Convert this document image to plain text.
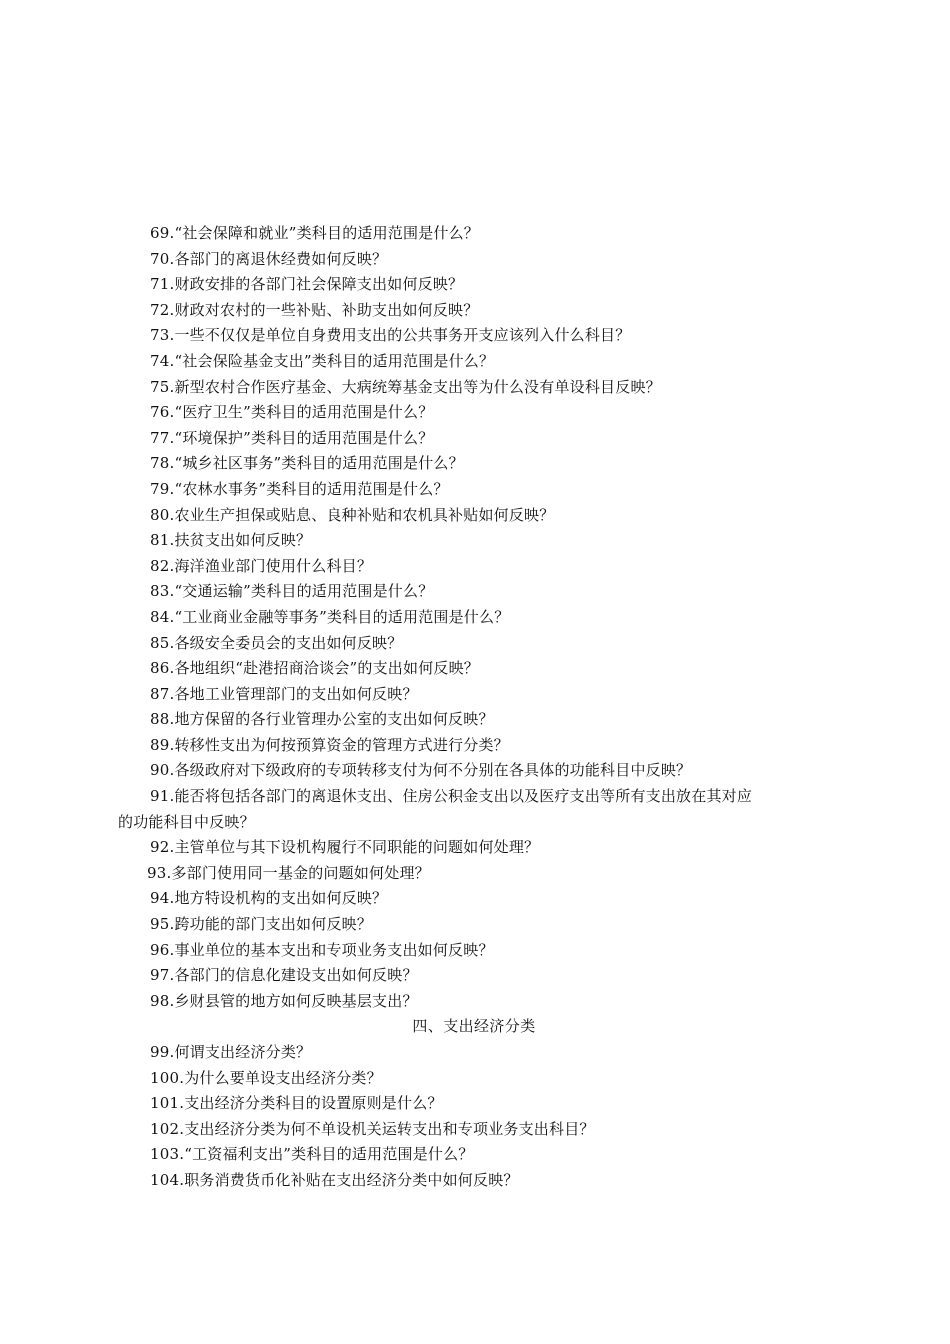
69.“社会保障和就业”类科目的适用范围是什么？
70.各部门的离退休经费如何反映？
71.财政安排的各部门社会保障支出如何反映？
72.财政对农村的一些补贴、补助支出如何反映？
73.一些不仅仅是单位自身费用支出的公共事务开支应该列入什么科目？
74.“社会保险基金支出”类科目的适用范围是什么？
75.新型农村合作医疗基金、大病统筹基金支出等为什么没有单设科目反映？
76.“医疗卫生”类科目的适用范围是什么？
77.“环境保护”类科目的适用范围是什么？
78.“城乡社区事务”类科目的适用范围是什么？
79.“农林水事务”类科目的适用范围是什么？
80.农业生产担保或贴息、良种补贴和农机具补贴如何反映？
81.扶贫支出如何反映？
82.海洋渔业部门使用什么科目？
83.“交通运输”类科目的适用范围是什么？
84.“工业商业金融等事务”类科目的适用范围是什么？
85.各级安全委员会的支出如何反映？
86.各地组织“赴港招商洽谈会”的支出如何反映？
87.各地工业管理部门的支出如何反映？
88.地方保留的各行业管理办公室的支出如何反映？
89.转移性支出为何按预算资金的管理方式进行分类？
90.各级政府对下级政府的专项转移支付为何不分别在各具体的功能科目中反映？
91.能否将包括各部门的离退休支出、住房公积金支出以及医疗支出等所有支出放在其对应
的功能科目中反映？
92.主管单位与其下设机构履行不同职能的问题如何处理？
93.多部门使用同一基金的问题如何处理？
94.地方特设机构的支出如何反映？
95.跨功能的部门支出如何反映？
96.事业单位的基本支出和专项业务支出如何反映？
97.各部门的信息化建设支出如何反映？
98.乡财县管的地方如何反映基层支出？
四、支出经济分类
99.何谓支出经济分类？
100.为什么要单设支出经济分类？
101.支出经济分类科目的设置原则是什么？
102.支出经济分类为何不单设机关运转支出和专项业务支出科目？
103.“工资福利支出”类科目的适用范围是什么？
104.职务消费货币化补贴在支出经济分类中如何反映？
